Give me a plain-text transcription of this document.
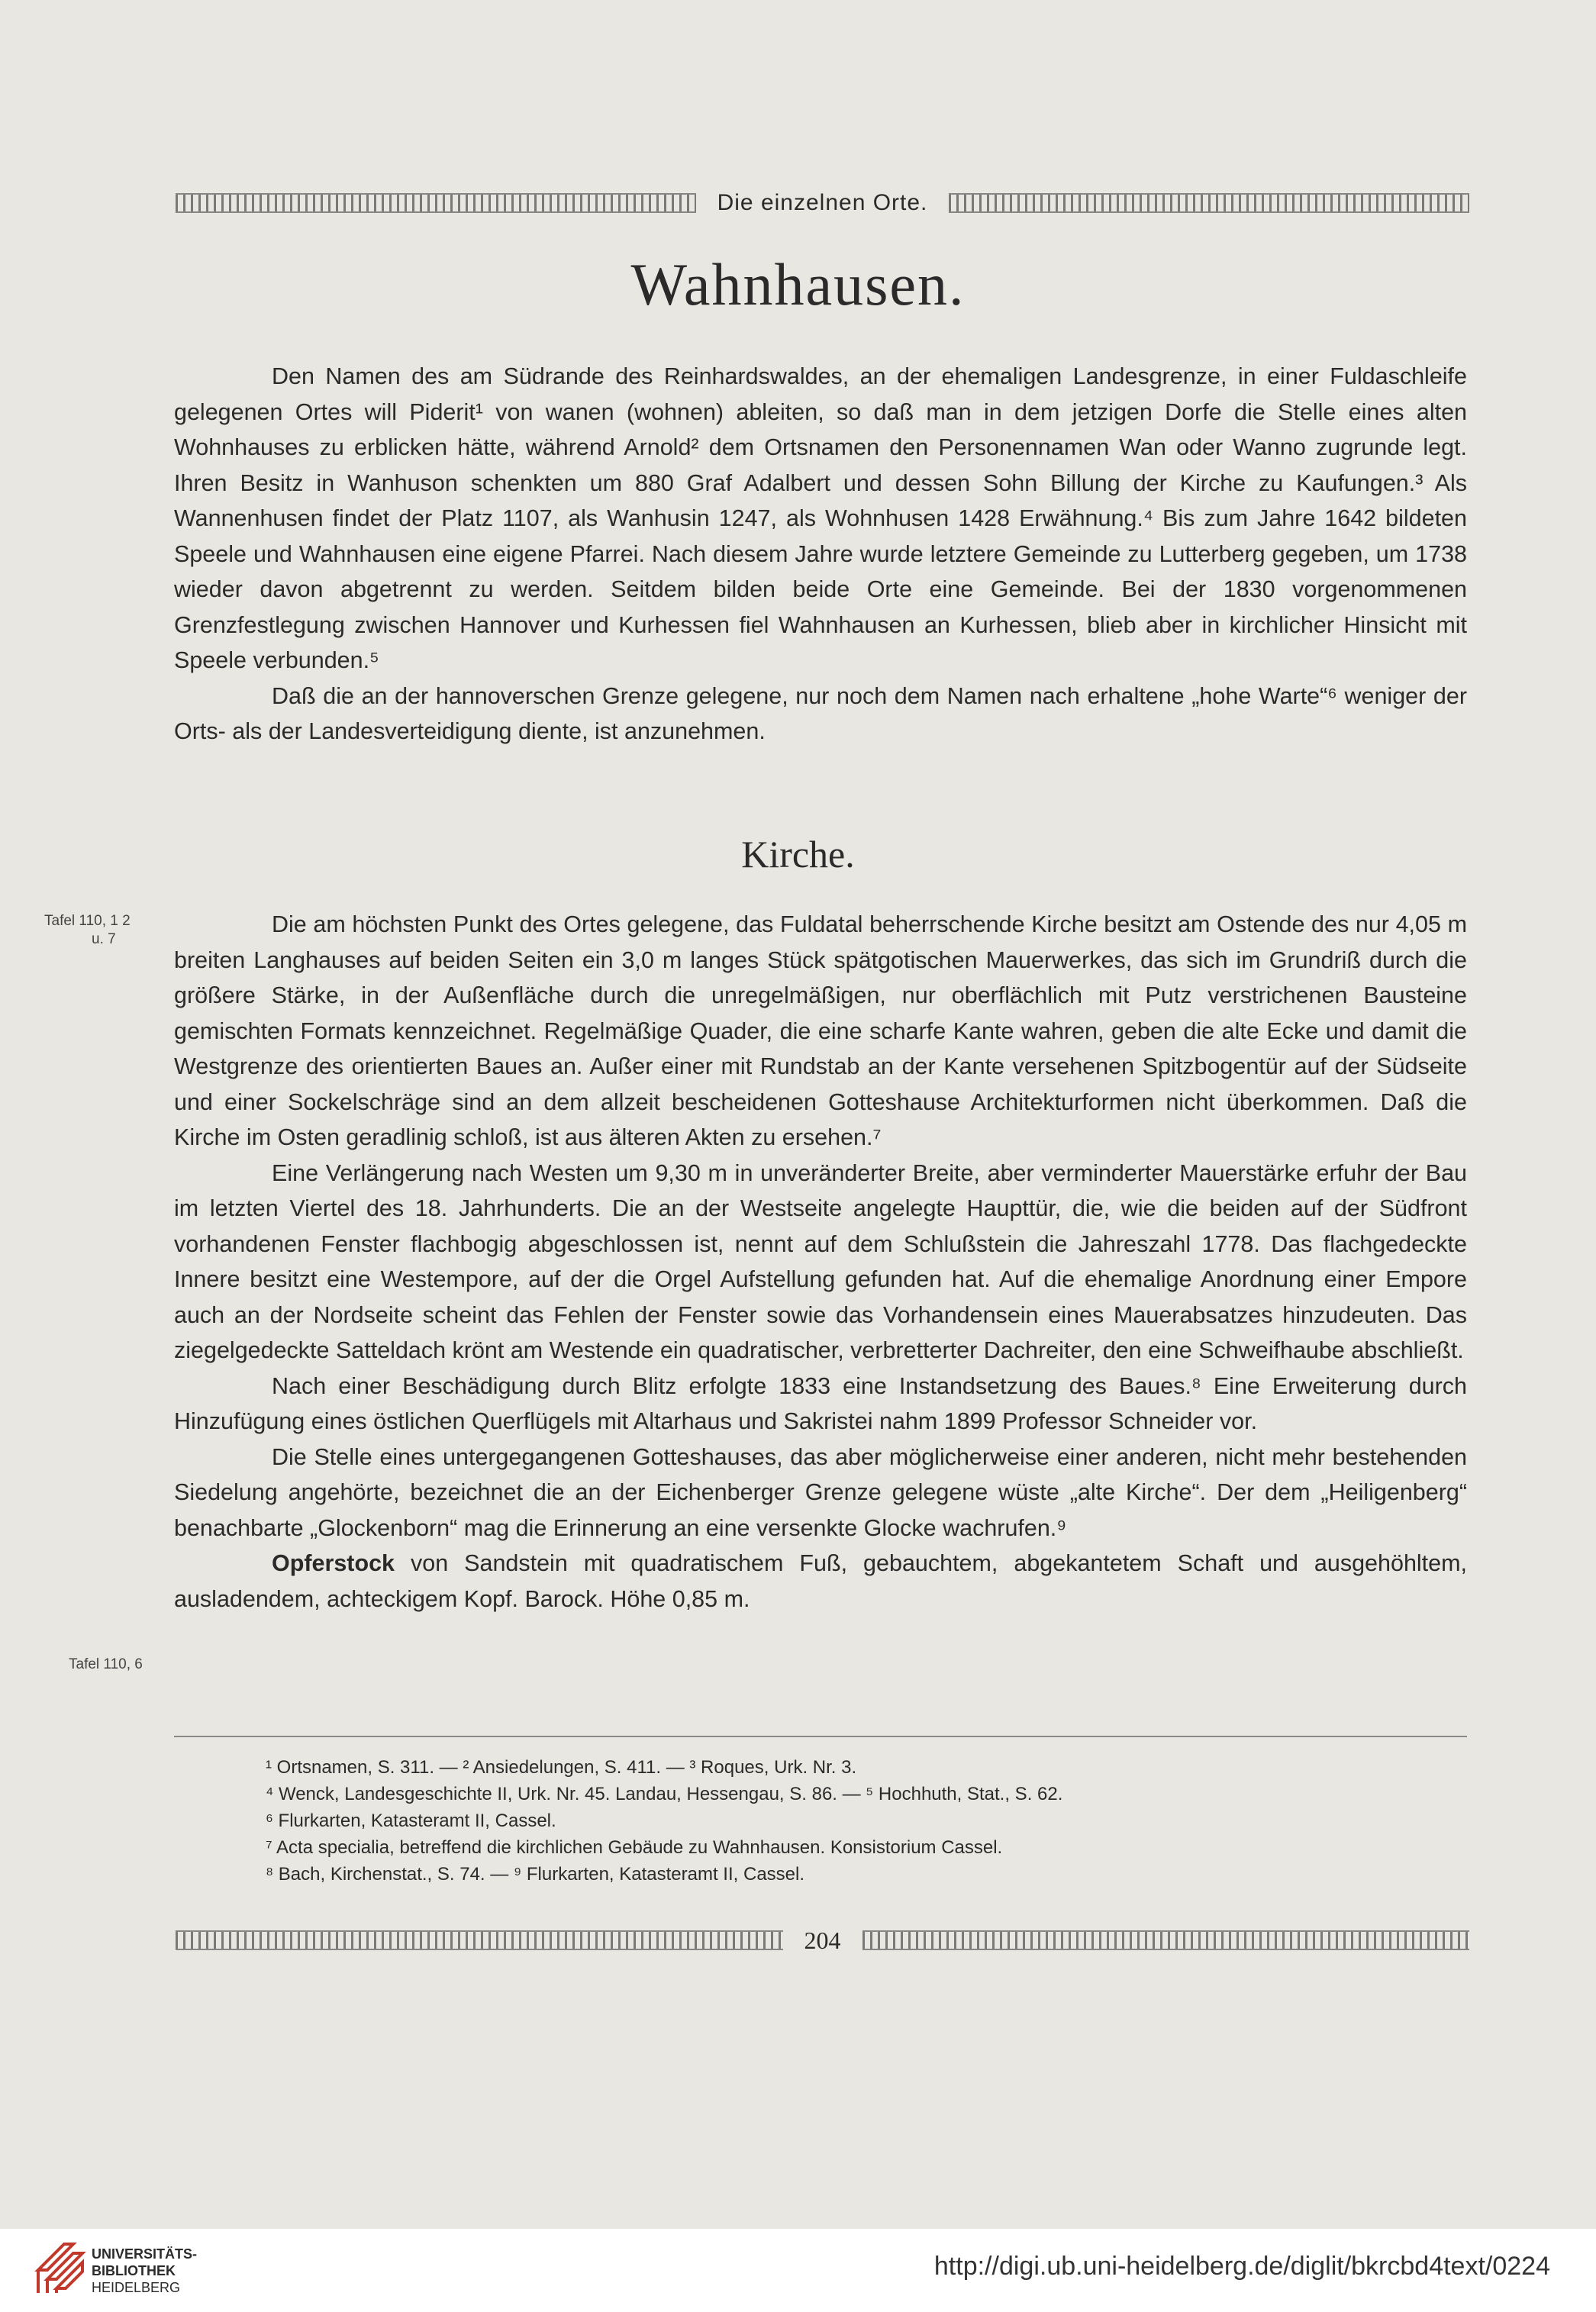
Die einzelnen Orte.
Wahnhausen.

Den Namen des am Südrande des Reinhardswaldes, an der ehemaligen Landesgrenze, in einer Fuldaschleife gelegenen Ortes will Piderit¹ von wanen (wohnen) ableiten, so daß man in dem jetzigen Dorfe die Stelle eines alten Wohnhauses zu erblicken hätte, während Arnold² dem Ortsnamen den Personennamen Wan oder Wanno zugrunde legt. Ihren Besitz in Wanhuson schenkten um 880 Graf Adalbert und dessen Sohn Billung der Kirche zu Kaufungen.³ Als Wannenhusen findet der Platz 1107, als Wanhusin 1247, als Wohnhusen 1428 Erwähnung.⁴ Bis zum Jahre 1642 bildeten Speele und Wahnhausen eine eigene Pfarrei. Nach diesem Jahre wurde letztere Gemeinde zu Lutterberg gegeben, um 1738 wieder davon abgetrennt zu werden. Seitdem bilden beide Orte eine Gemeinde. Bei der 1830 vorgenommenen Grenzfestlegung zwischen Hannover und Kurhessen fiel Wahnhausen an Kurhessen, blieb aber in kirchlicher Hinsicht mit Speele verbunden.⁵

Daß die an der hannoverschen Grenze gelegene, nur noch dem Namen nach erhaltene „hohe Warte“⁶ weniger der Orts- als der Landesverteidigung diente, ist anzunehmen.

Kirche.
Tafel 110, 1 2
u. 7
Tafel 110, 6

Die am höchsten Punkt des Ortes gelegene, das Fuldatal beherrschende Kirche besitzt am Ostende des nur 4,05 m breiten Langhauses auf beiden Seiten ein 3,0 m langes Stück spätgotischen Mauerwerkes, das sich im Grundriß durch die größere Stärke, in der Außenfläche durch die unregelmäßigen, nur oberflächlich mit Putz verstrichenen Bausteine gemischten Formats kennzeichnet. Regelmäßige Quader, die eine scharfe Kante wahren, geben die alte Ecke und damit die Westgrenze des orientierten Baues an. Außer einer mit Rundstab an der Kante versehenen Spitzbogentür auf der Südseite und einer Sockelschräge sind an dem allzeit bescheidenen Gotteshause Architekturformen nicht überkommen. Daß die Kirche im Osten geradlinig schloß, ist aus älteren Akten zu ersehen.⁷

Eine Verlängerung nach Westen um 9,30 m in unveränderter Breite, aber verminderter Mauerstärke erfuhr der Bau im letzten Viertel des 18. Jahrhunderts. Die an der Westseite angelegte Haupttür, die, wie die beiden auf der Südfront vorhandenen Fenster flachbogig abgeschlossen ist, nennt auf dem Schlußstein die Jahreszahl 1778. Das flachgedeckte Innere besitzt eine Westempore, auf der die Orgel Aufstellung gefunden hat. Auf die ehemalige Anordnung einer Empore auch an der Nordseite scheint das Fehlen der Fenster sowie das Vorhandensein eines Mauerabsatzes hinzudeuten. Das ziegelgedeckte Satteldach krönt am Westende ein quadratischer, verbretterter Dachreiter, den eine Schweifhaube abschließt.

Nach einer Beschädigung durch Blitz erfolgte 1833 eine Instandsetzung des Baues.⁸ Eine Erweiterung durch Hinzufügung eines östlichen Querflügels mit Altarhaus und Sakristei nahm 1899 Professor Schneider vor.

Die Stelle eines untergegangenen Gotteshauses, das aber möglicherweise einer anderen, nicht mehr bestehenden Siedelung angehörte, bezeichnet die an der Eichenberger Grenze gelegene wüste „alte Kirche“. Der dem „Heiligenberg“ benachbarte „Glockenborn“ mag die Erinnerung an eine versenkte Glocke wachrufen.⁹

Opferstock von Sandstein mit quadratischem Fuß, gebauchtem, abgekantetem Schaft und ausgehöhltem, ausladendem, achteckigem Kopf. Barock. Höhe 0,85 m.

¹ Ortsnamen, S. 311. — ² Ansiedelungen, S. 411. — ³ Roques, Urk. Nr. 3.
⁴ Wenck, Landesgeschichte II, Urk. Nr. 45. Landau, Hessengau, S. 86. — ⁵ Hochhuth, Stat., S. 62.
⁶ Flurkarten, Katasteramt II, Cassel.
⁷ Acta specialia, betreffend die kirchlichen Gebäude zu Wahnhausen. Konsistorium Cassel.
⁸ Bach, Kirchenstat., S. 74. — ⁹ Flurkarten, Katasteramt II, Cassel.
204
UNIVERSITÄTS-
BIBLIOTHEK
HEIDELBERG
http://digi.ub.uni-heidelberg.de/diglit/bkrcbd4text/0224
